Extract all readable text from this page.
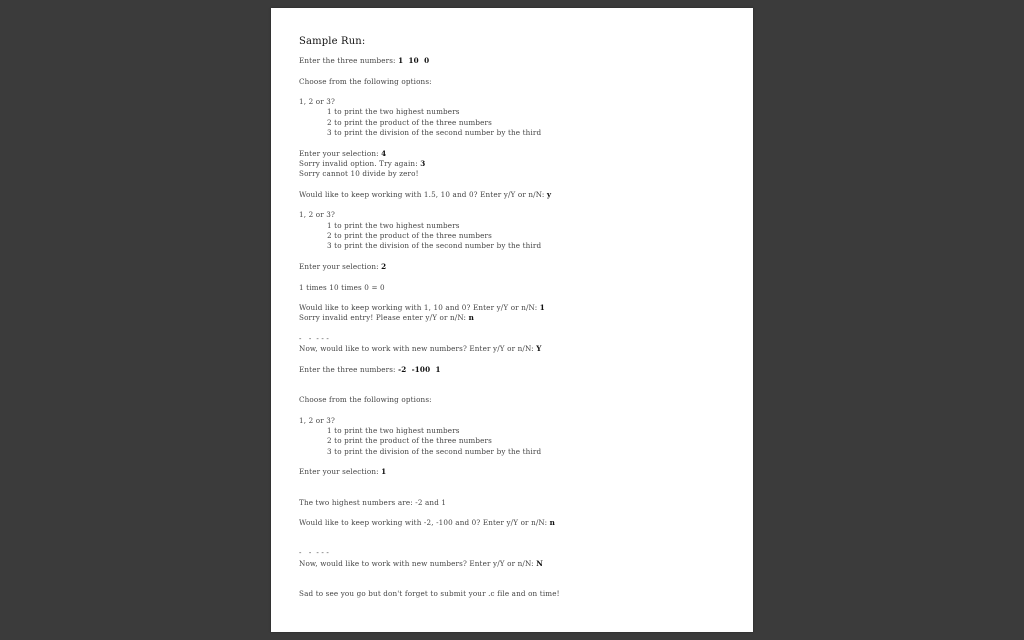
Sample Run:
Enter the three numbers: 1  10  0
Choose from the following options:
1, 2 or 3?
1 to print the two highest numbers
2 to print the product of the three numbers
3 to print the division of the second number by the third
Enter your selection: 4
Sorry invalid option. Try again: 3
Sorry cannot 10 divide by zero!
Would like to keep working with 1.5, 10 and 0? Enter y/Y or n/N: y
1, 2 or 3?
1 to print the two highest numbers
2 to print the product of the three numbers
3 to print the division of the second number by the third
Enter your selection: 2
1 times 10 times 0 = 0
Would like to keep working with 1, 10 and 0? Enter y/Y or n/N: 1
Sorry invalid entry! Please enter y/Y or n/N: n
-   -  - - -
Now, would like to work with new numbers? Enter y/Y or n/N: Y
Enter the three numbers: -2  -100  1
Choose from the following options:
1, 2 or 3?
1 to print the two highest numbers
2 to print the product of the three numbers
3 to print the division of the second number by the third
Enter your selection: 1
The two highest numbers are: -2 and 1
Would like to keep working with -2, -100 and 0? Enter y/Y or n/N: n
-   -  - - -
Now, would like to work with new numbers? Enter y/Y or n/N: N
Sad to see you go but don't forget to submit your .c file and on time!
